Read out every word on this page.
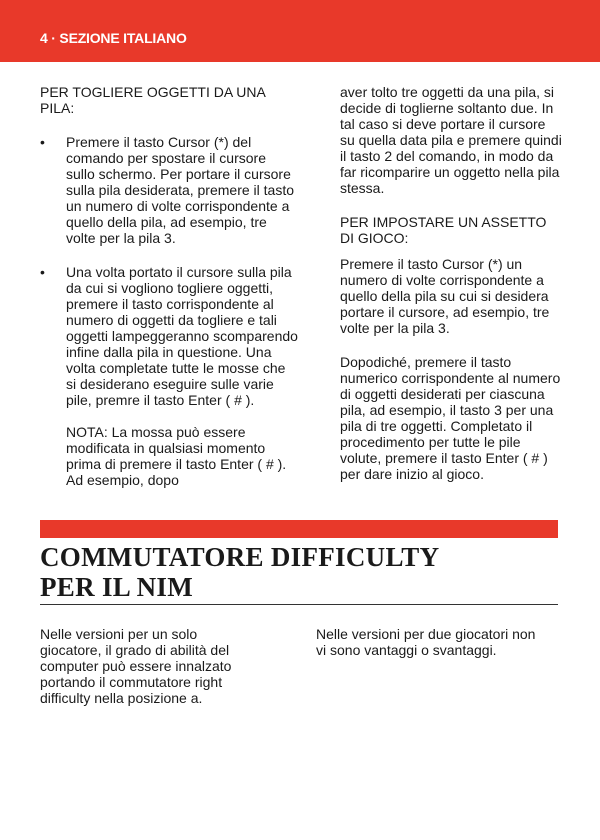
4 · SEZIONE ITALIANO

PER TOGLIERE OGGETTI DA UNA PILA:

• Premere il tasto Cursor (*) del comando per spostare il cursore sullo schermo. Per portare il cursore sulla pila desiderata, premere il tasto un numero di volte corrispondente a quello della pila, ad esempio, tre volte per la pila 3.

• Una volta portato il cursore sulla pila da cui si vogliono togliere oggetti, premere il tasto corrispondente al numero di oggetti da togliere e tali oggetti lampeggeranno scomparendo infine dalla pila in questione. Una volta completate tutte le mosse che si desiderano eseguire sulle varie pile, premre il tasto Enter ( # ).

NOTA: La mossa può essere modificata in qualsiasi momento prima di premere il tasto Enter ( # ). Ad esempio, dopo

aver tolto tre oggetti da una pila, si decide di toglierne soltanto due. In tal caso si deve portare il cursore su quella data pila e premere quindi il tasto 2 del comando, in modo da far ricomparire un oggetto nella pila stessa.

PER IMPOSTARE UN ASSETTO DI GIOCO:

Premere il tasto Cursor (*) un numero di volte corrispondente a quello della pila su cui si desidera portare il cursore, ad esempio, tre volte per la pila 3.

Dopodiché, premere il tasto numerico corrispondente al numero di oggetti desiderati per ciascuna pila, ad esempio, il tasto 3 per una pila di tre oggetti. Completato il procedimento per tutte le pile volute, premere il tasto Enter ( # ) per dare inizio al gioco.

COMMUTATORE DIFFICULTY
PER IL NIM

Nelle versioni per un solo giocatore, il grado di abilità del computer può essere innalzato portando il commutatore right difficulty nella posizione a.

Nelle versioni per due giocatori non vi sono vantaggi o svantaggi.
